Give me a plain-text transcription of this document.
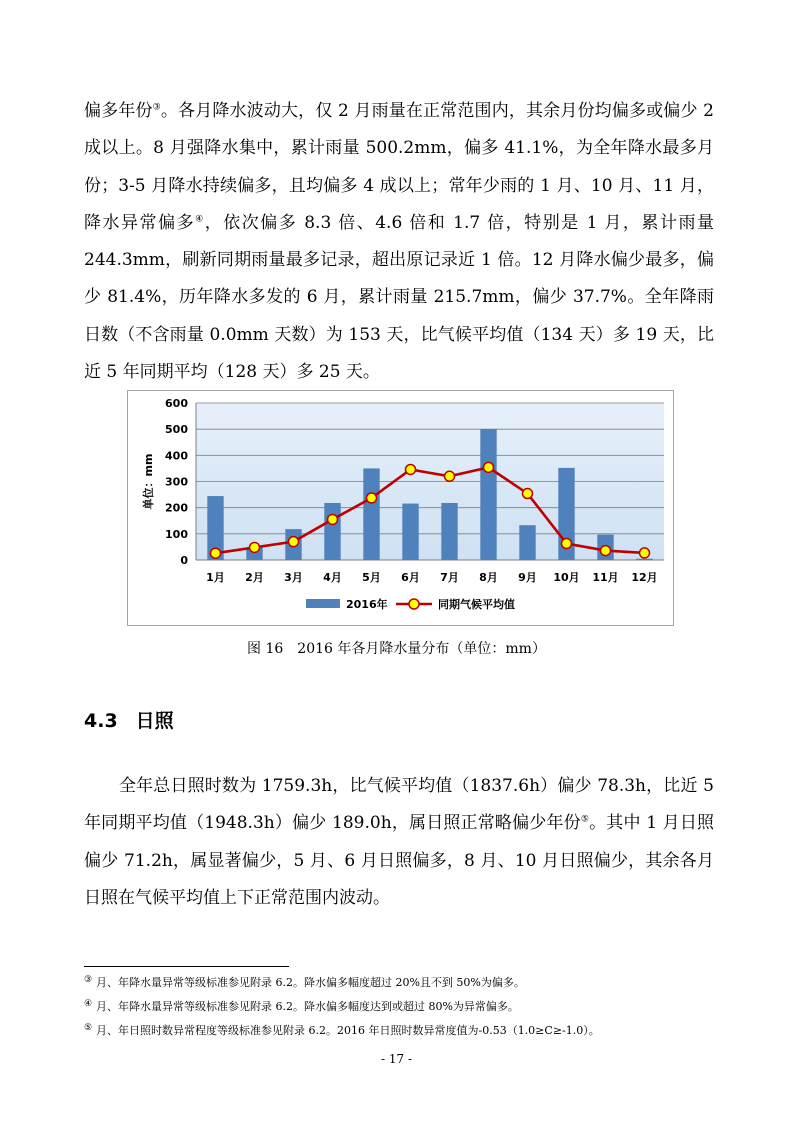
偏多年份③。各月降水波动大，仅 2 月雨量在正常范围内，其余月份均偏多或偏少 2 成以上。8 月强降水集中，累计雨量 500.2mm，偏多 41.1%，为全年降水最多月份；3-5 月降水持续偏多，且均偏多 4 成以上；常年少雨的 1 月、10 月、11 月，降水异常偏多④，依次偏多 8.3 倍、4.6 倍和 1.7 倍，特别是 1 月，累计雨量 244.3mm，刷新同期雨量最多记录，超出原记录近 1 倍。12 月降水偏少最多，偏少 81.4%，历年降水多发的 6 月，累计雨量 215.7mm，偏少 37.7%。全年降雨日数（不含雨量 0.0mm 天数）为 153 天，比气候平均值（134 天）多 19 天，比近 5 年同期平均（128 天）多 25 天。

0
100
200
300
400
500
600
单位：mm
1月 2月 3月 4月 5月 6月 7月 8月 9月 10月 11月 12月
2016年	同期气候平均值
图 16　2016 年各月降水量分布（单位：mm）
4.3 日照

全年总日照时数为 1759.3h，比气候平均值（1837.6h）偏少 78.3h，比近 5 年同期平均值（1948.3h）偏少 189.0h，属日照正常略偏少年份⑤。其中 1 月日照偏少 71.2h，属显著偏少，5 月、6 月日照偏多，8 月、10 月日照偏少，其余各月日照在气候平均值上下正常范围内波动。

③ 月、年降水量异常等级标准参见附录 6.2。降水偏多幅度超过 20%且不到 50%为偏多。
④ 月、年降水量异常等级标准参见附录 6.2。降水偏多幅度达到或超过 80%为异常偏多。
⑤ 月、年日照时数异常程度等级标准参见附录 6.2。2016 年日照时数异常度值为-0.53（1.0≥C≥-1.0）。
- 17 -
